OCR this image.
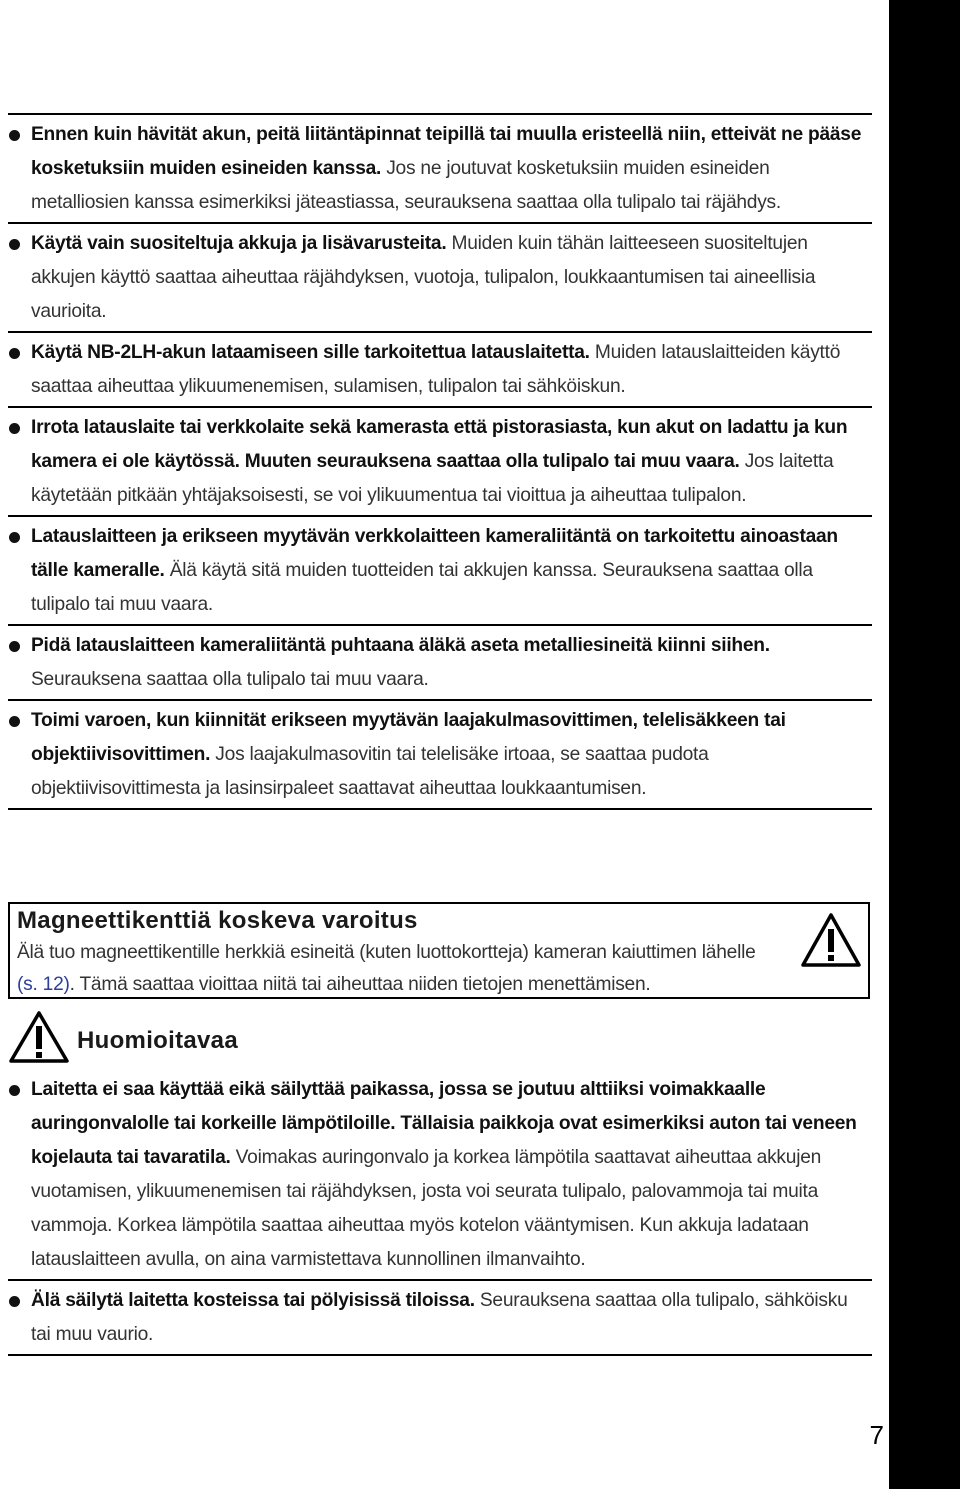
Ennen kuin hävität akun, peitä liitäntäpinnat teipillä tai muulla eristeellä niin, etteivät ne pääse kosketuksiin muiden esineiden kanssa. Jos ne joutuvat kosketuksiin muiden esineiden metalliosien kanssa esimerkiksi jäteastiassa, seurauksena saattaa olla tulipalo tai räjähdys.
Käytä vain suositeltuja akkuja ja lisävarusteita. Muiden kuin tähän laitteeseen suositeltujen akkujen käyttö saattaa aiheuttaa räjähdyksen, vuotoja, tulipalon, loukkaantumisen tai aineellisia vaurioita.
Käytä NB-2LH-akun lataamiseen sille tarkoitettua latauslaitetta. Muiden latauslaitteiden käyttö saattaa aiheuttaa ylikuumenemisen, sulamisen, tulipalon tai sähköiskun.
Irrota latauslaite tai verkkolaite sekä kamerasta että pistorasiasta, kun akut on ladattu ja kun kamera ei ole käytössä. Muuten seurauksena saattaa olla tulipalo tai muu vaara. Jos laitetta käytetään pitkään yhtäjaksoisesti, se voi ylikuumentua tai vioittua ja aiheuttaa tulipalon.
Latauslaitteen ja erikseen myytävän verkkolaitteen kameraliitäntä on tarkoitettu ainoastaan tälle kameralle. Älä käytä sitä muiden tuotteiden tai akkujen kanssa. Seurauksena saattaa olla tulipalo tai muu vaara.
Pidä latauslaitteen kameraliitäntä puhtaana äläkä aseta metalliesineitä kiinni siihen. Seurauksena saattaa olla tulipalo tai muu vaara.
Toimi varoen, kun kiinnität erikseen myytävän laajakulmasovittimen, telelisäkkeen tai objektiivisovittimen. Jos laajakulmasovitin tai telelisäke irtoaa, se saattaa pudota objektiivisovittimesta ja lasinsirpaleet saattavat aiheuttaa loukkaantumisen.
Magneettikenttiä koskeva varoitus
Älä tuo magneettikentille herkkiä esineitä (kuten luottokortteja) kameran kaiuttimen lähelle (s. 12). Tämä saattaa vioittaa niitä tai aiheuttaa niiden tietojen menettämisen.
Huomioitavaa
Laitetta ei saa käyttää eikä säilyttää paikassa, jossa se joutuu alttiiksi voimakkaalle auringonvalolle tai korkeille lämpötiloille. Tällaisia paikkoja ovat esimerkiksi auton tai veneen kojelauta tai tavaratila. Voimakas auringonvalo ja korkea lämpötila saattavat aiheuttaa akkujen vuotamisen, ylikuumenemisen tai räjähdyksen, josta voi seurata tulipalo, palovammoja tai muita vammoja. Korkea lämpötila saattaa aiheuttaa myös kotelon vääntymisen. Kun akkuja ladataan latauslaitteen avulla, on aina varmistettava kunnollinen ilmanvaihto.
Älä säilytä laitetta kosteissa tai pölyisissä tiloissa. Seurauksena saattaa olla tulipalo, sähköisku tai muu vaurio.
7
